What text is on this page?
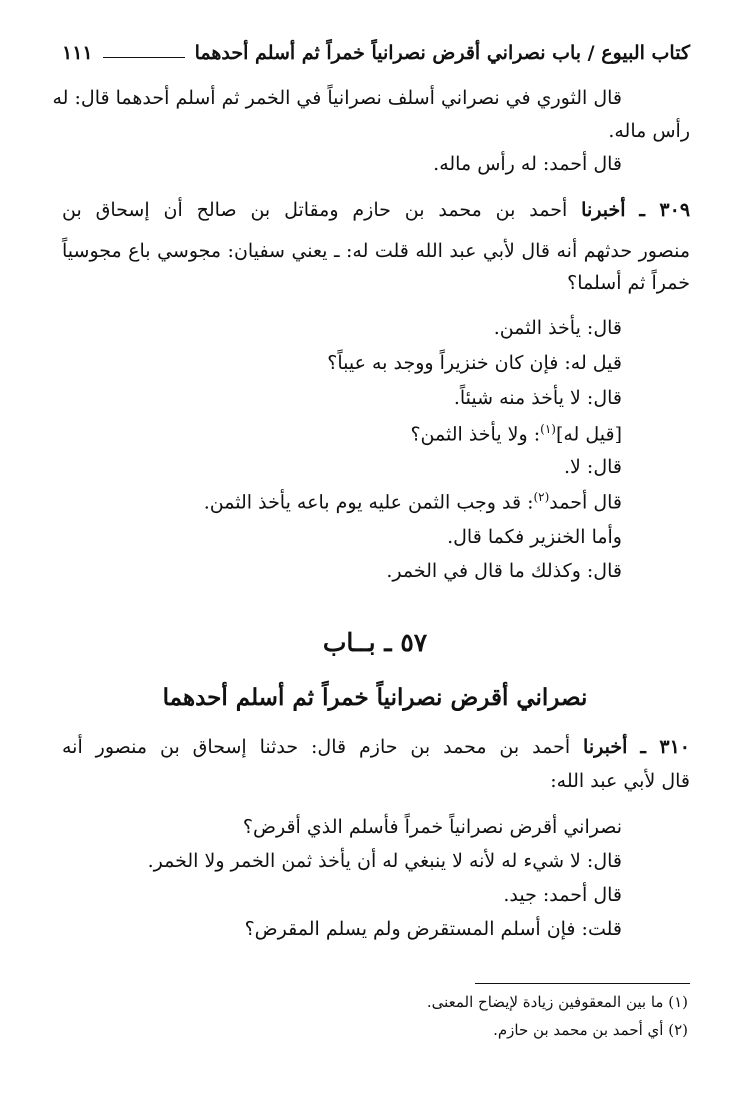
كتاب البيوع / باب نصراني أقرض نصرانياً خمراً ثم أسلم أحدهما
١١١
قال الثوري في نصراني أسلف نصرانياً في الخمر ثم أسلم أحدهما قال: له
رأس ماله.
قال أحمد: له رأس ماله.
٣٠٩ ـ أخبرنا أحمد بن محمد بن حازم ومقاتل بن صالح أن إسحاق بن
منصور حدثهم أنه قال لأبي عبد الله قلت له: ـ يعني سفيان: مجوسي باع مجوسياً
خمراً ثم أسلما؟
قال: يأخذ الثمن.
قيل له: فإن كان خنزيراً ووجد به عيباً؟
قال: لا يأخذ منه شيئاً.
[قيل له]$^{(١)}$: ولا يأخذ الثمن؟
قال: لا.
قال أحمد$^{(٢)}$: قد وجب الثمن عليه يوم باعه يأخذ الثمن.
وأما الخنزير فكما قال.
قال: وكذلك ما قال في الخمر.
٥٧ ـ بــاب
نصراني أقرض نصرانياً خمراً ثم أسلم أحدهما
٣١٠ ـ أخبرنا أحمد بن محمد بن حازم قال: حدثنا إسحاق بن منصور أنه
قال لأبي عبد الله:
نصراني أقرض نصرانياً خمراً فأسلم الذي أقرض؟
قال: لا شيء له لأنه لا ينبغي له أن يأخذ ثمن الخمر ولا الخمر.
قال أحمد: جيد.
قلت: فإن أسلم المستقرض ولم يسلم المقرض؟
(١) ما بين المعقوفين زيادة لإيضاح المعنى.
(٢) أي أحمد بن محمد بن حازم.
